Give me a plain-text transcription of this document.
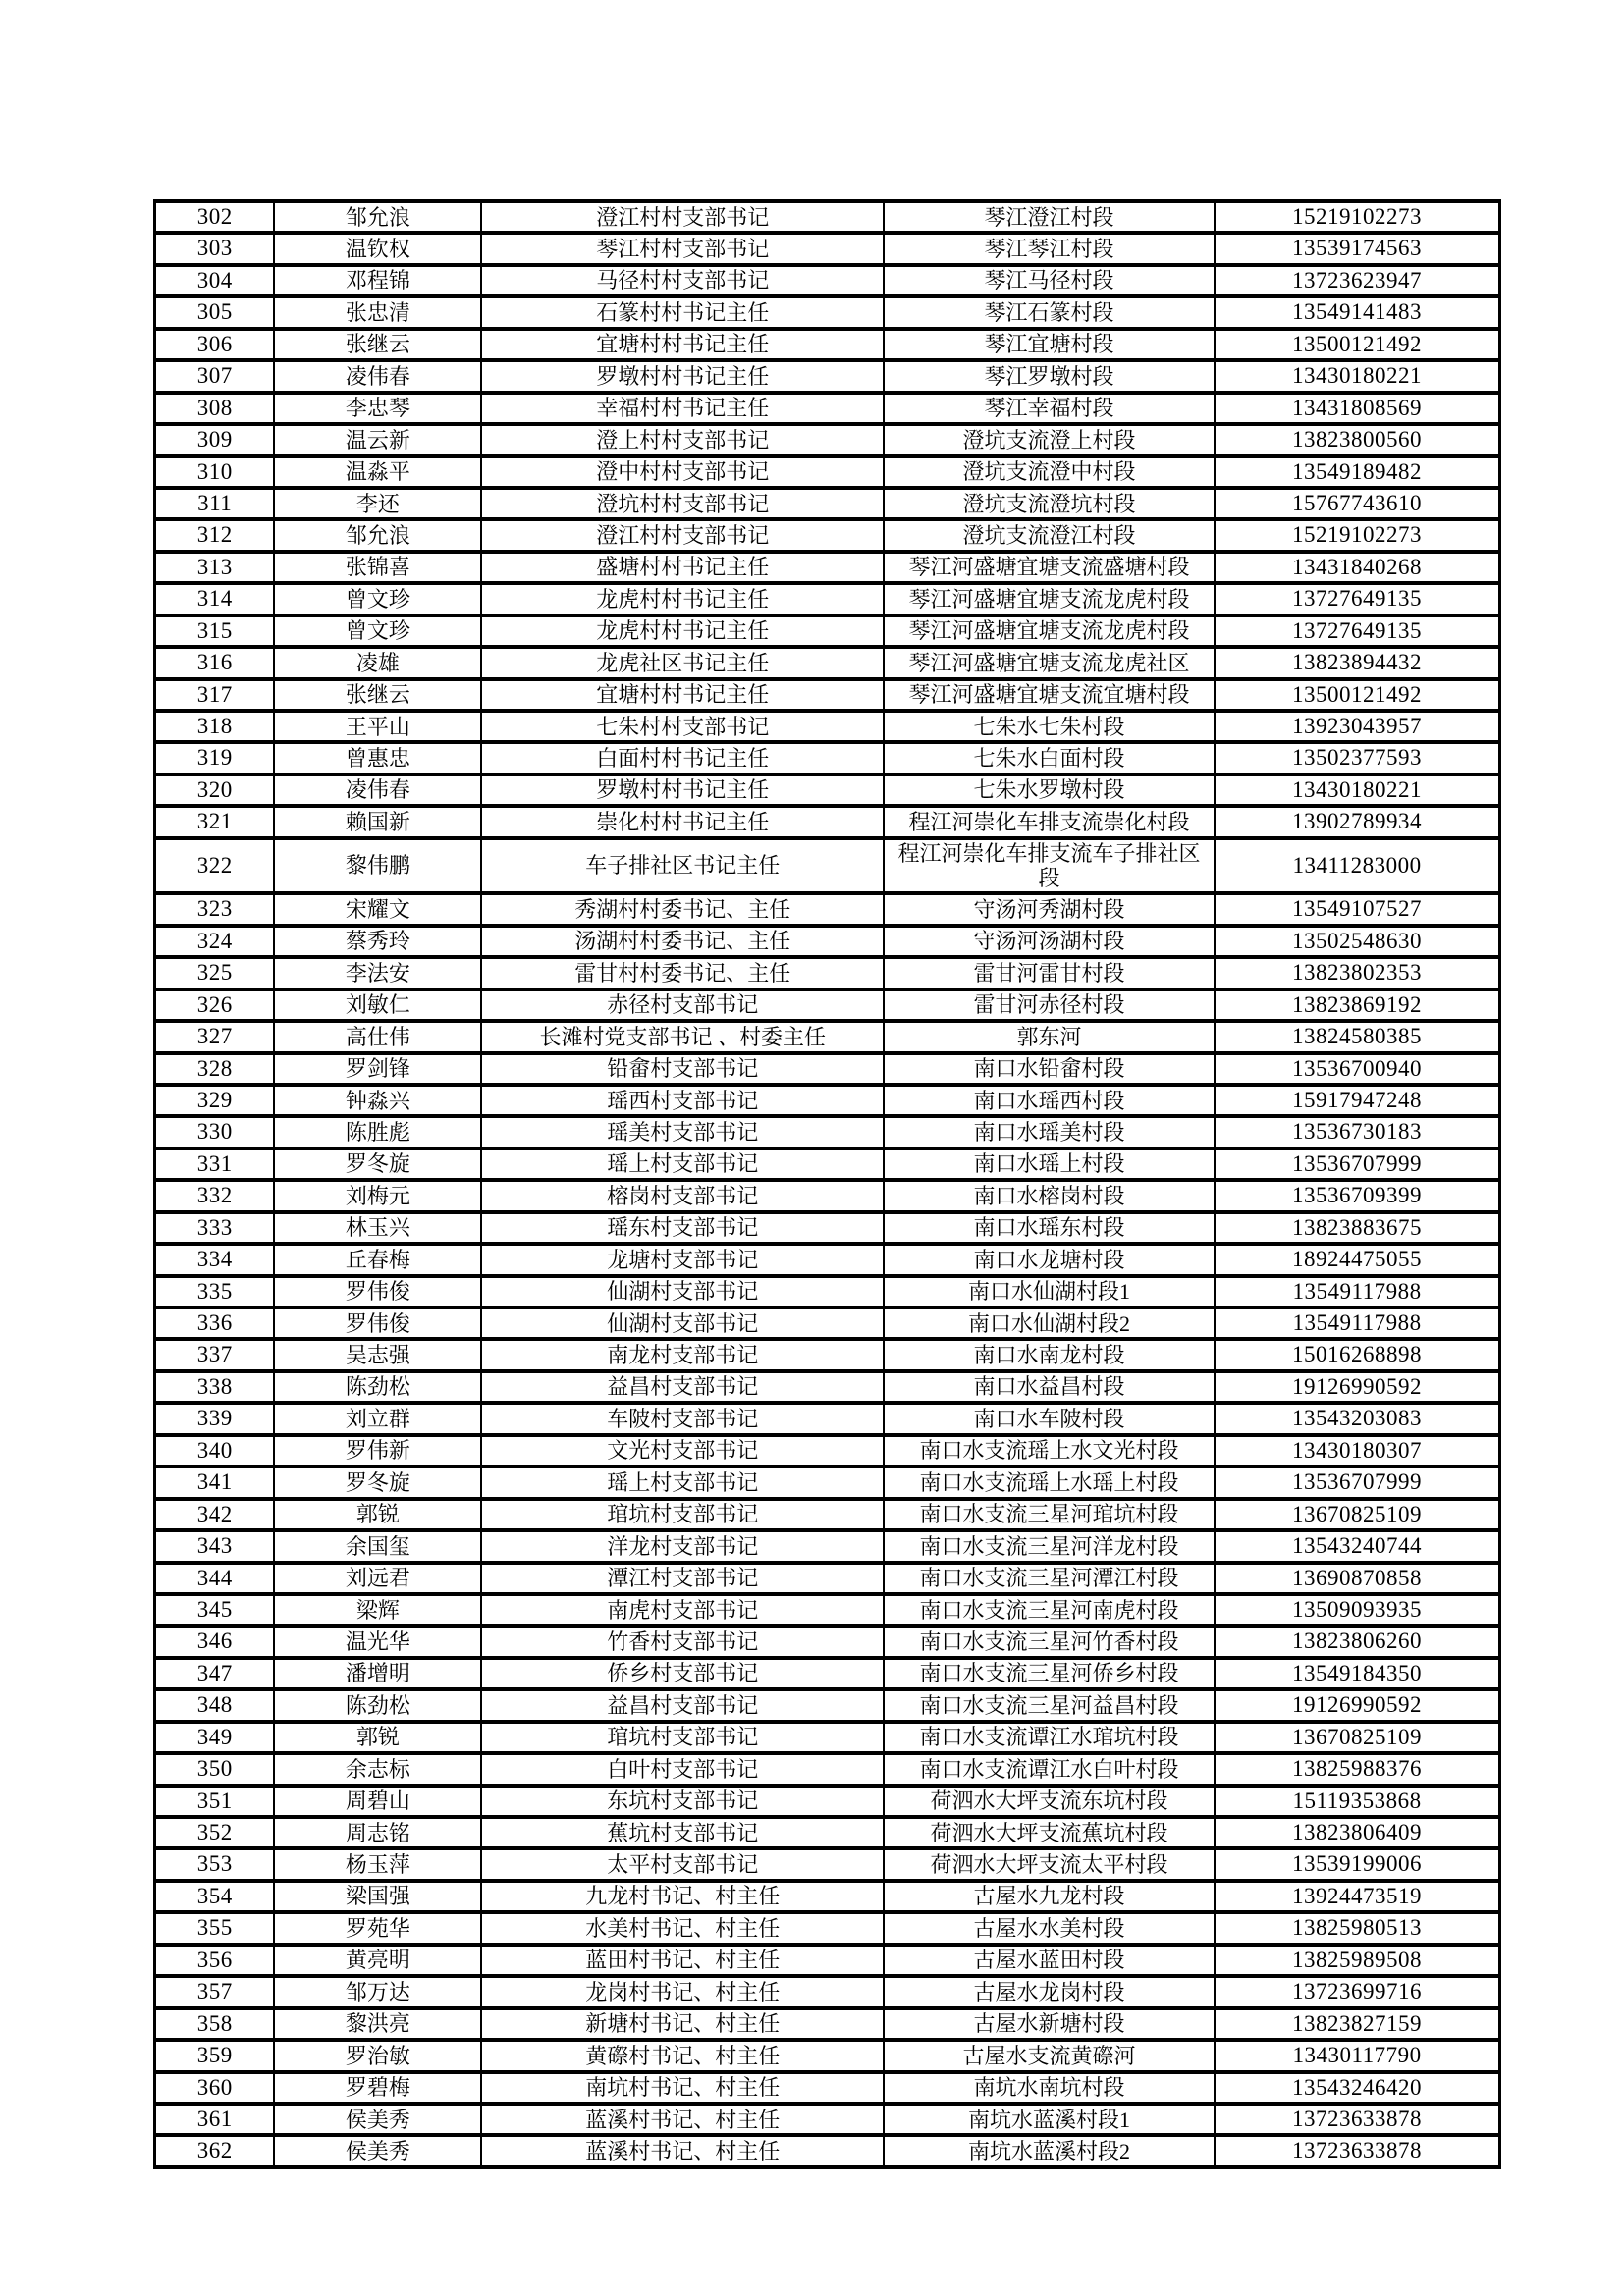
302	邹允浪	澄江村村支部书记	琴江澄江村段	15219102273
303	温钦权	琴江村村支部书记	琴江琴江村段	13539174563
304	邓程锦	马径村村支部书记	琴江马径村段	13723623947
305	张忠清	石篆村村书记主任	琴江石篆村段	13549141483
306	张继云	宜塘村村书记主任	琴江宜塘村段	13500121492
307	凌伟春	罗墩村村书记主任	琴江罗墩村段	13430180221
308	李忠琴	幸福村村书记主任	琴江幸福村段	13431808569
309	温云新	澄上村村支部书记	澄坑支流澄上村段	13823800560
310	温淼平	澄中村村支部书记	澄坑支流澄中村段	13549189482
311	李还	澄坑村村支部书记	澄坑支流澄坑村段	15767743610
312	邹允浪	澄江村村支部书记	澄坑支流澄江村段	15219102273
313	张锦喜	盛塘村村书记主任	琴江河盛塘宜塘支流盛塘村段	13431840268
314	曾文珍	龙虎村村书记主任	琴江河盛塘宜塘支流龙虎村段	13727649135
315	曾文珍	龙虎村村书记主任	琴江河盛塘宜塘支流龙虎村段	13727649135
316	凌雄	龙虎社区书记主任	琴江河盛塘宜塘支流龙虎社区	13823894432
317	张继云	宜塘村村书记主任	琴江河盛塘宜塘支流宜塘村段	13500121492
318	王平山	七朱村村支部书记	七朱水七朱村段	13923043957
319	曾惠忠	白面村村书记主任	七朱水白面村段	13502377593
320	凌伟春	罗墩村村书记主任	七朱水罗墩村段	13430180221
321	赖国新	崇化村村书记主任	程江河崇化车排支流崇化村段	13902789934
322	黎伟鹏	车子排社区书记主任	程江河崇化车排支流车子排社区段	13411283000
323	宋耀文	秀湖村村委书记、主任	守汤河秀湖村段	13549107527
324	蔡秀玲	汤湖村村委书记、主任	守汤河汤湖村段	13502548630
325	李法安	雷甘村村委书记、主任	雷甘河雷甘村段	13823802353
326	刘敏仁	赤径村支部书记	雷甘河赤径村段	13823869192
327	高仕伟	长滩村党支部书记 、村委主任	郭东河	13824580385
328	罗剑锋	铅畲村支部书记	南口水铅畲村段	13536700940
329	钟淼兴	瑶西村支部书记	南口水瑶西村段	15917947248
330	陈胜彪	瑶美村支部书记	南口水瑶美村段	13536730183
331	罗冬旋	瑶上村支部书记	南口水瑶上村段	13536707999
332	刘梅元	榕岗村支部书记	南口水榕岗村段	13536709399
333	林玉兴	瑶东村支部书记	南口水瑶东村段	13823883675
334	丘春梅	龙塘村支部书记	南口水龙塘村段	18924475055
335	罗伟俊	仙湖村支部书记	南口水仙湖村段1	13549117988
336	罗伟俊	仙湖村支部书记	南口水仙湖村段2	13549117988
337	吴志强	南龙村支部书记	南口水南龙村段	15016268898
338	陈劲松	益昌村支部书记	南口水益昌村段	19126990592
339	刘立群	车陂村支部书记	南口水车陂村段	13543203083
340	罗伟新	文光村支部书记	南口水支流瑶上水文光村段	13430180307
341	罗冬旋	瑶上村支部书记	南口水支流瑶上水瑶上村段	13536707999
342	郭锐	琯坑村支部书记	南口水支流三星河琯坑村段	13670825109
343	余国玺	洋龙村支部书记	南口水支流三星河洋龙村段	13543240744
344	刘远君	潭江村支部书记	南口水支流三星河潭江村段	13690870858
345	梁辉	南虎村支部书记	南口水支流三星河南虎村段	13509093935
346	温光华	竹香村支部书记	南口水支流三星河竹香村段	13823806260
347	潘增明	侨乡村支部书记	南口水支流三星河侨乡村段	13549184350
348	陈劲松	益昌村支部书记	南口水支流三星河益昌村段	19126990592
349	郭锐	琯坑村支部书记	南口水支流谭江水琯坑村段	13670825109
350	余志标	白叶村支部书记	南口水支流谭江水白叶村段	13825988376
351	周碧山	东坑村支部书记	荷泗水大坪支流东坑村段	15119353868
352	周志铭	蕉坑村支部书记	荷泗水大坪支流蕉坑村段	13823806409
353	杨玉萍	太平村支部书记	荷泗水大坪支流太平村段	13539199006
354	梁国强	九龙村书记、村主任	古屋水九龙村段	13924473519
355	罗苑华	水美村书记、村主任	古屋水水美村段	13825980513
356	黄亮明	蓝田村书记、村主任	古屋水蓝田村段	13825989508
357	邹万达	龙岗村书记、村主任	古屋水龙岗村段	13723699716
358	黎洪亮	新塘村书记、村主任	古屋水新塘村段	13823827159
359	罗治敏	黄磜村书记、村主任	古屋水支流黄磜河	13430117790
360	罗碧梅	南坑村书记、村主任	南坑水南坑村段	13543246420
361	侯美秀	蓝溪村书记、村主任	南坑水蓝溪村段1	13723633878
362	侯美秀	蓝溪村书记、村主任	南坑水蓝溪村段2	13723633878
